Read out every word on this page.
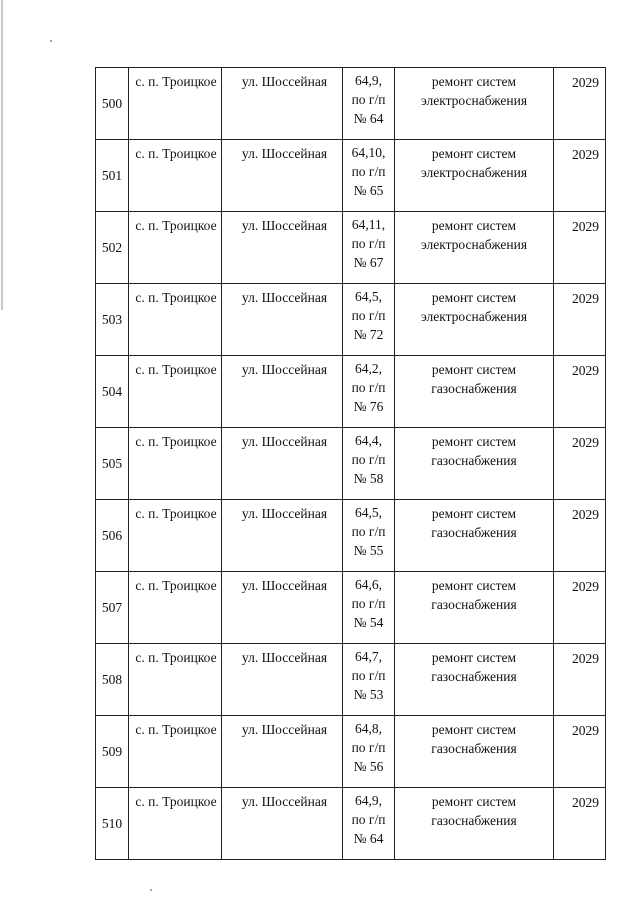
500	с. п. Троицкое	ул. Шоссейная	64,9,
по г/п
№ 64	ремонт систем
электроснабжения	2029

501	с. п. Троицкое	ул. Шоссейная	64,10,
по г/п
№ 65	ремонт систем
электроснабжения	2029

502	с. п. Троицкое	ул. Шоссейная	64,11,
по г/п
№ 67	ремонт систем
электроснабжения	2029

503	с. п. Троицкое	ул. Шоссейная	64,5,
по г/п
№ 72	ремонт систем
электроснабжения	2029

504	с. п. Троицкое	ул. Шоссейная	64,2,
по г/п
№ 76	ремонт систем
газоснабжения	2029

505	с. п. Троицкое	ул. Шоссейная	64,4,
по г/п
№ 58	ремонт систем
газоснабжения	2029

506	с. п. Троицкое	ул. Шоссейная	64,5,
по г/п
№ 55	ремонт систем
газоснабжения	2029

507	с. п. Троицкое	ул. Шоссейная	64,6,
по г/п
№ 54	ремонт систем
газоснабжения	2029

508	с. п. Троицкое	ул. Шоссейная	64,7,
по г/п
№ 53	ремонт систем
газоснабжения	2029

509	с. п. Троицкое	ул. Шоссейная	64,8,
по г/п
№ 56	ремонт систем
газоснабжения	2029

510	с. п. Троицкое	ул. Шоссейная	64,9,
по г/п
№ 64	ремонт систем
газоснабжения	2029
